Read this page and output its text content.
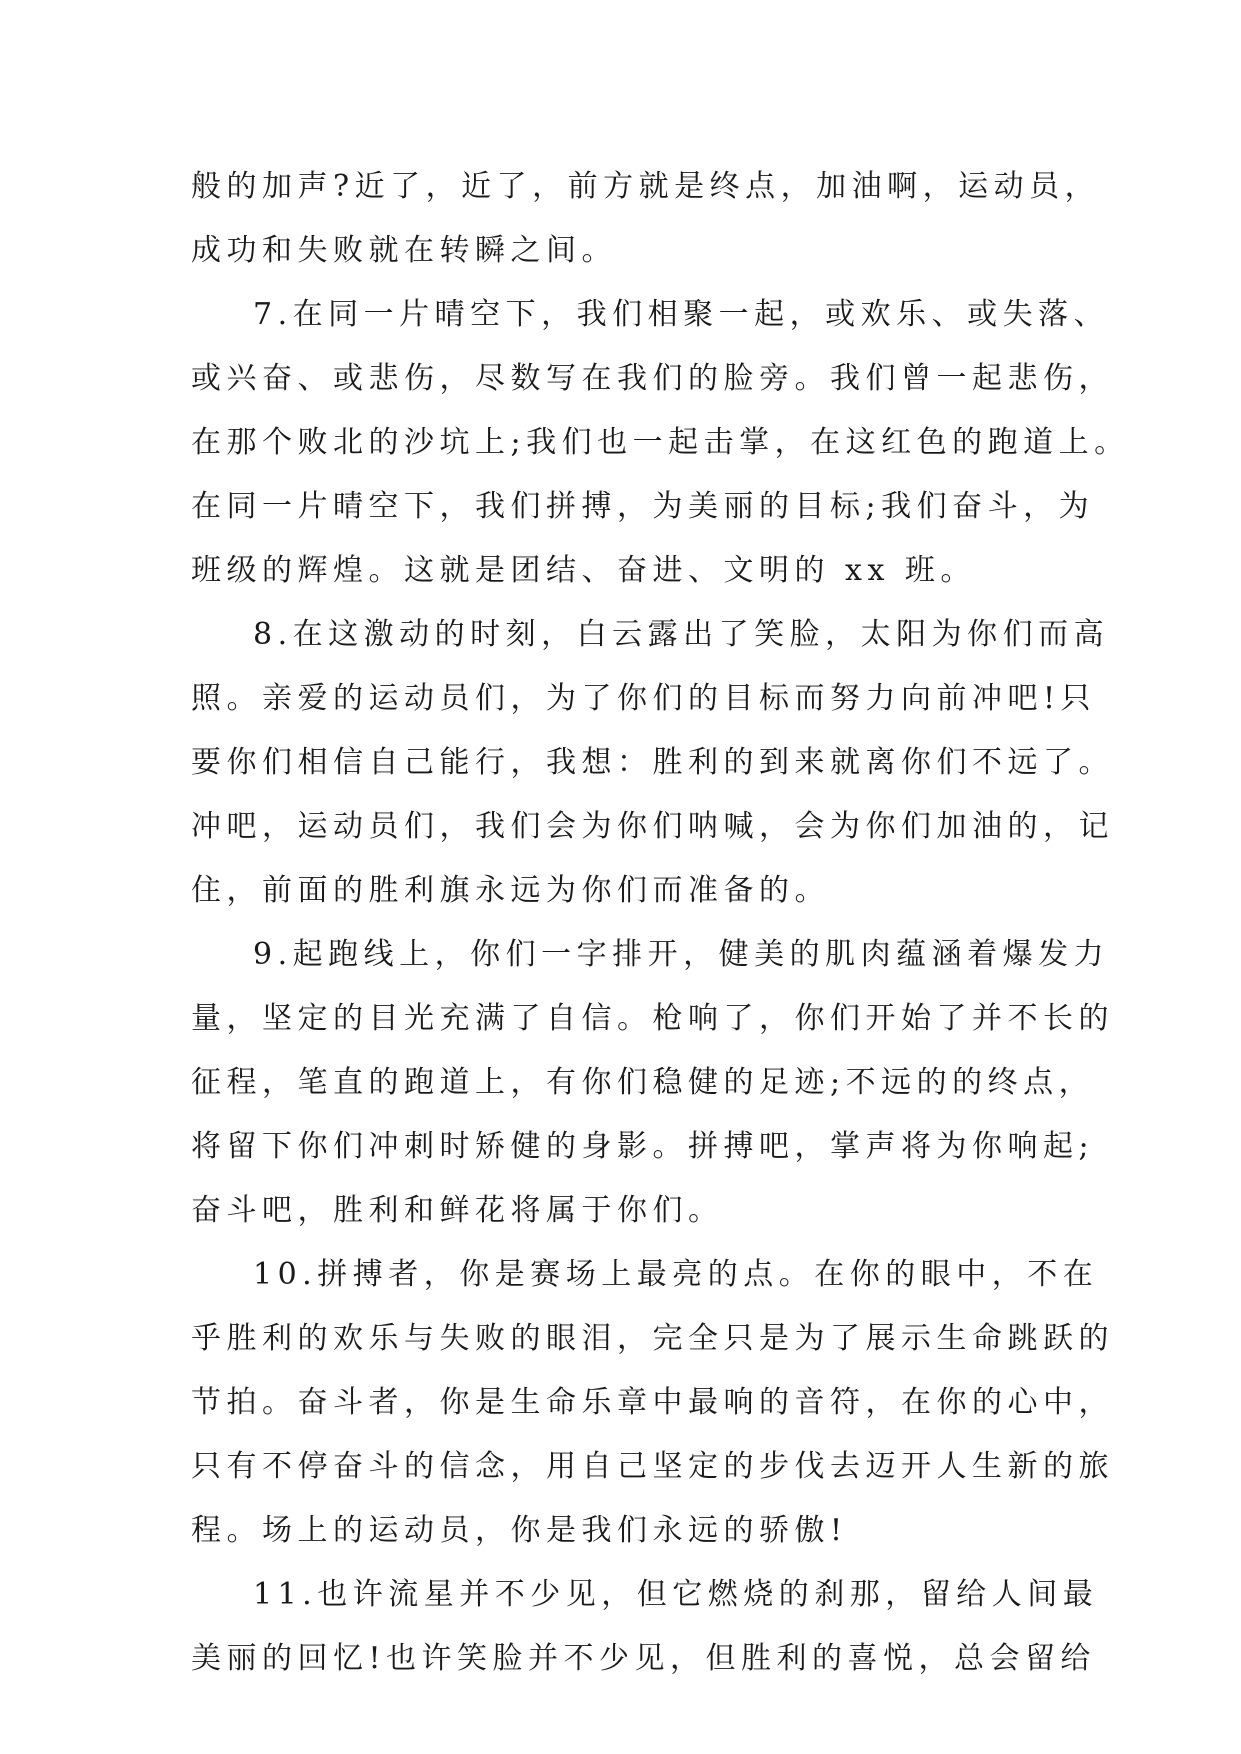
般的加声?近了，近了，前方就是终点，加油啊，运动员，
成功和失败就在转瞬之间。
7.在同一片晴空下，我们相聚一起，或欢乐、或失落、
或兴奋、或悲伤，尽数写在我们的脸旁。我们曾一起悲伤，
在那个败北的沙坑上;我们也一起击掌，在这红色的跑道上。
在同一片晴空下，我们拼搏，为美丽的目标;我们奋斗，为
班级的辉煌。这就是团结、奋进、文明的 xx 班。
8.在这激动的时刻，白云露出了笑脸，太阳为你们而高
照。亲爱的运动员们，为了你们的目标而努力向前冲吧!只
要你们相信自己能行，我想：胜利的到来就离你们不远了。
冲吧，运动员们，我们会为你们呐喊，会为你们加油的，记
住，前面的胜利旗永远为你们而准备的。
9.起跑线上，你们一字排开，健美的肌肉蕴涵着爆发力
量，坚定的目光充满了自信。枪响了，你们开始了并不长的
征程，笔直的跑道上，有你们稳健的足迹;不远的的终点，
将留下你们冲刺时矫健的身影。拼搏吧，掌声将为你响起;
奋斗吧，胜利和鲜花将属于你们。
10.拼搏者，你是赛场上最亮的点。在你的眼中，不在
乎胜利的欢乐与失败的眼泪，完全只是为了展示生命跳跃的
节拍。奋斗者，你是生命乐章中最响的音符，在你的心中，
只有不停奋斗的信念，用自己坚定的步伐去迈开人生新的旅
程。场上的运动员，你是我们永远的骄傲!
11.也许流星并不少见，但它燃烧的刹那，留给人间最
美丽的回忆!也许笑脸并不少见，但胜利的喜悦，总会留给
